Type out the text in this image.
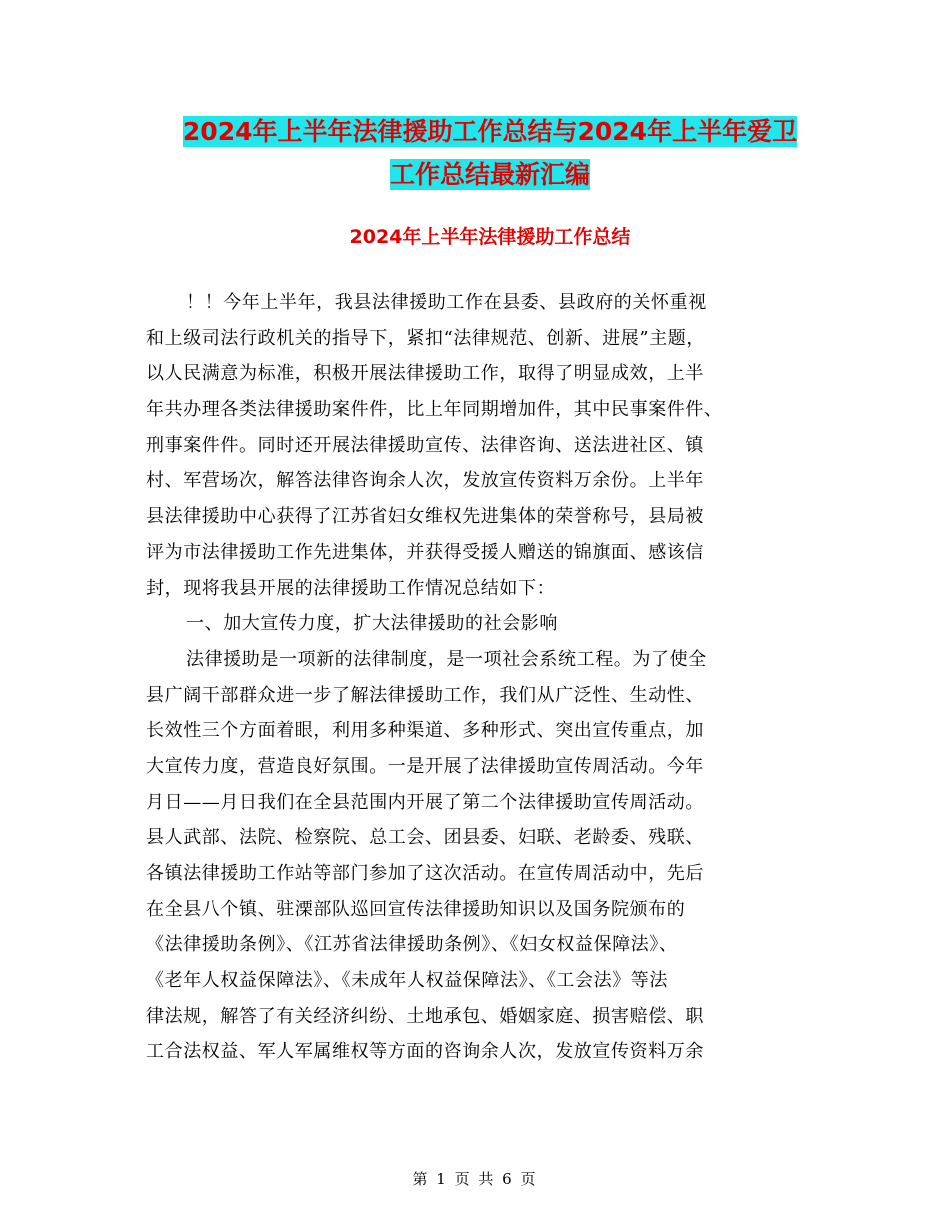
2024年上半年法律援助工作总结与2024年上半年爱卫
工作总结最新汇编
2024年上半年法律援助工作总结
！！今年上半年，我县法律援助工作在县委、县政府的关怀重视
和上级司法行政机关的指导下，紧扣“法律规范、创新、进展”主题，
以人民满意为标准，积极开展法律援助工作，取得了明显成效，上半
年共办理各类法律援助案件件，比上年同期增加件，其中民事案件件、
刑事案件件。同时还开展法律援助宣传、法律咨询、送法进社区、镇
村、军营场次，解答法律咨询余人次，发放宣传资料万余份。上半年
县法律援助中心获得了江苏省妇女维权先进集体的荣誉称号，县局被
评为市法律援助工作先进集体，并获得受援人赠送的锦旗面、感该信
封，现将我县开展的法律援助工作情况总结如下：
一、加大宣传力度，扩大法律援助的社会影响
法律援助是一项新的法律制度，是一项社会系统工程。为了使全
县广阔干部群众进一步了解法律援助工作，我们从广泛性、生动性、
长效性三个方面着眼，利用多种渠道、多种形式、突出宣传重点，加
大宣传力度，营造良好氛围。一是开展了法律援助宣传周活动。今年
月日——月日我们在全县范围内开展了第二个法律援助宣传周活动。
县人武部、法院、检察院、总工会、团县委、妇联、老龄委、残联、
各镇法律援助工作站等部门参加了这次活动。在宣传周活动中，先后
在全县八个镇、驻溧部队巡回宣传法律援助知识以及国务院颁布的
《法律援助条例》、《江苏省法律援助条例》、《妇女权益保障法》、
《老年人权益保障法》、《未成年人权益保障法》、《工会法》等法
律法规，解答了有关经济纠纷、土地承包、婚姻家庭、损害赔偿、职
工合法权益、军人军属维权等方面的咨询余人次，发放宣传资料万余
第 1 页 共 6 页
